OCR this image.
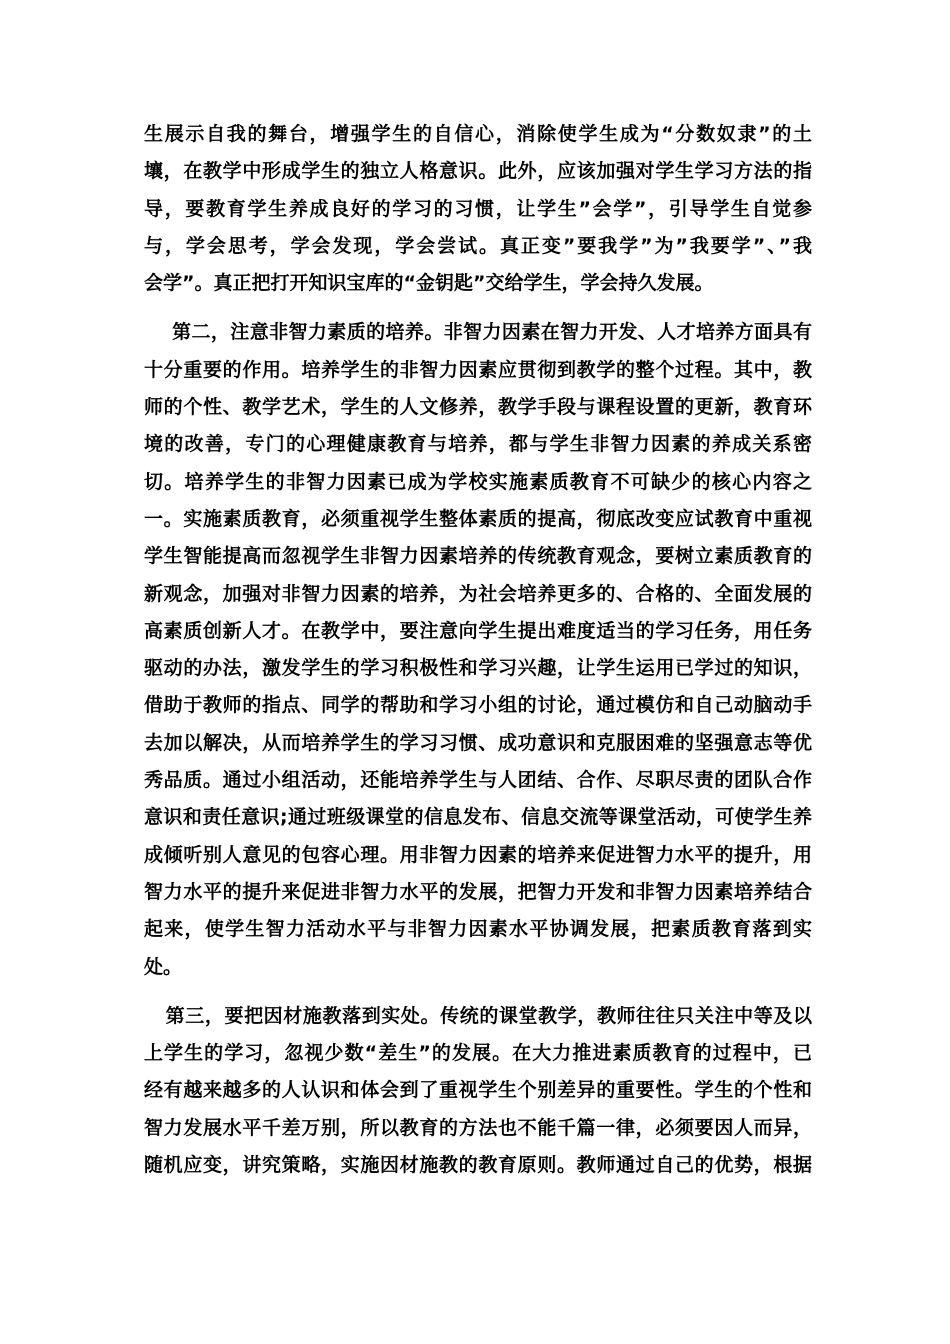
生展示自我的舞台，增强学生的自信心，消除使学生成为“分数奴隶”的土
壤，在教学中形成学生的独立人格意识。此外，应该加强对学生学习方法的指
导，要教育学生养成良好的学习的习惯，让学生”会学”，引导学生自觉参
与，学会思考，学会发现，学会尝试。真正变”要我学”为”我要学”、”我
会学”。真正把打开知识宝库的“金钥匙”交给学生，学会持久发展。
第二，注意非智力素质的培养。非智力因素在智力开发、人才培养方面具有
十分重要的作用。培养学生的非智力因素应贯彻到教学的整个过程。其中，教
师的个性、教学艺术，学生的人文修养，教学手段与课程设置的更新，教育环
境的改善，专门的心理健康教育与培养，都与学生非智力因素的养成关系密
切。培养学生的非智力因素已成为学校实施素质教育不可缺少的核心内容之
一。实施素质教育，必须重视学生整体素质的提高，彻底改变应试教育中重视
学生智能提高而忽视学生非智力因素培养的传统教育观念，要树立素质教育的
新观念，加强对非智力因素的培养，为社会培养更多的、合格的、全面发展的
高素质创新人才。在教学中，要注意向学生提出难度适当的学习任务，用任务
驱动的办法，激发学生的学习积极性和学习兴趣，让学生运用已学过的知识，
借助于教师的指点、同学的帮助和学习小组的讨论，通过模仿和自己动脑动手
去加以解决，从而培养学生的学习习惯、成功意识和克服困难的坚强意志等优
秀品质。通过小组活动，还能培养学生与人团结、合作、尽职尽责的团队合作
意识和责任意识;通过班级课堂的信息发布、信息交流等课堂活动，可使学生养
成倾听别人意见的包容心理。用非智力因素的培养来促进智力水平的提升，用
智力水平的提升来促进非智力水平的发展，把智力开发和非智力因素培养结合
起来，使学生智力活动水平与非智力因素水平协调发展，把素质教育落到实
处。
第三，要把因材施教落到实处。传统的课堂教学，教师往往只关注中等及以
上学生的学习，忽视少数“差生”的发展。在大力推进素质教育的过程中，已
经有越来越多的人认识和体会到了重视学生个别差异的重要性。学生的个性和
智力发展水平千差万别，所以教育的方法也不能千篇一律，必须要因人而异，
随机应变，讲究策略，实施因材施教的教育原则。教师通过自己的优势，根据
